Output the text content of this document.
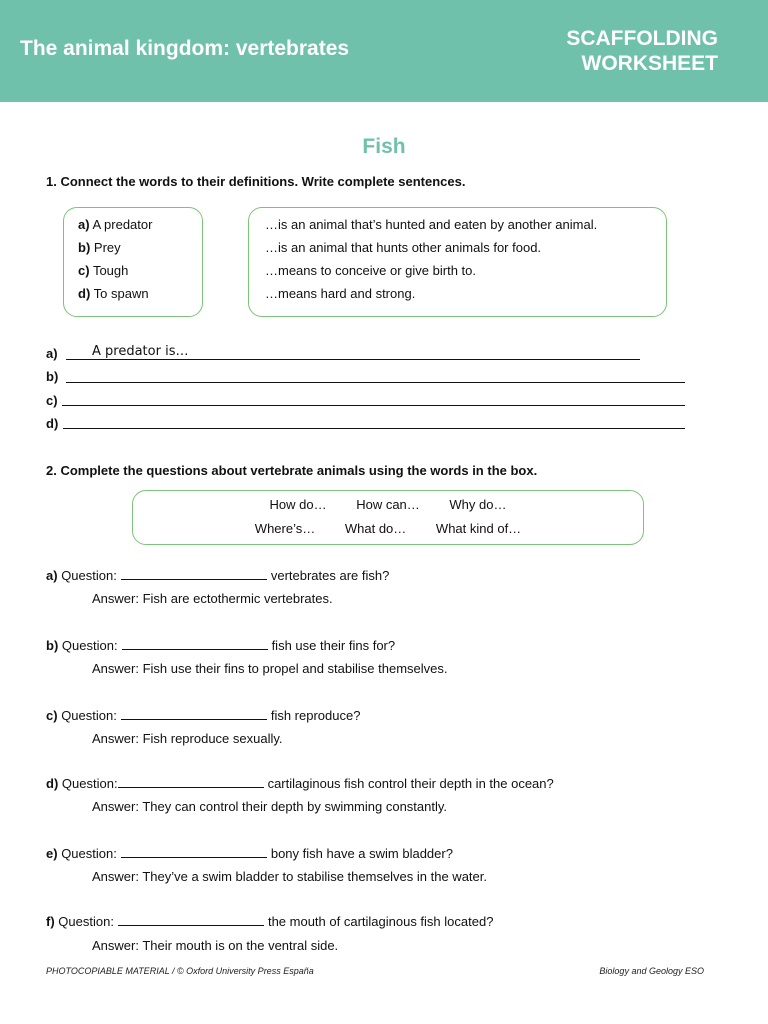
The animal kingdom: vertebrates	SCAFFOLDING
WORKSHEET
Fish
1. Connect the words to their definitions. Write complete sentences.
a) A predator
b) Prey
c) Tough
d) To spawn
…is an animal that’s hunted and eaten by another animal.
…is an animal that hunts other animals for food.
…means to conceive or give birth to.
…means hard and strong.
a)	A predator is…
b)
c)
d)
2. Complete the questions about vertebrate animals using the words in the box.
How do… How can… Why do…
Where’s… What do… What kind of…
a) Question:	vertebrates are fish?
Answer: Fish are ectothermic vertebrates.
b) Question:	fish use their fins for?
Answer: Fish use their fins to propel and stabilise themselves.
c) Question:	fish reproduce?
Answer: Fish reproduce sexually.
d) Question:	cartilaginous fish control their depth in the ocean?
Answer: They can control their depth by swimming constantly.
e) Question:	bony fish have a swim bladder?
Answer: They’ve a swim bladder to stabilise themselves in the water.
f) Question:	the mouth of cartilaginous fish located?
Answer: Their mouth is on the ventral side.
PHOTOCOPIABLE MATERIAL / © Oxford University Press España	Biology and Geology ESO
